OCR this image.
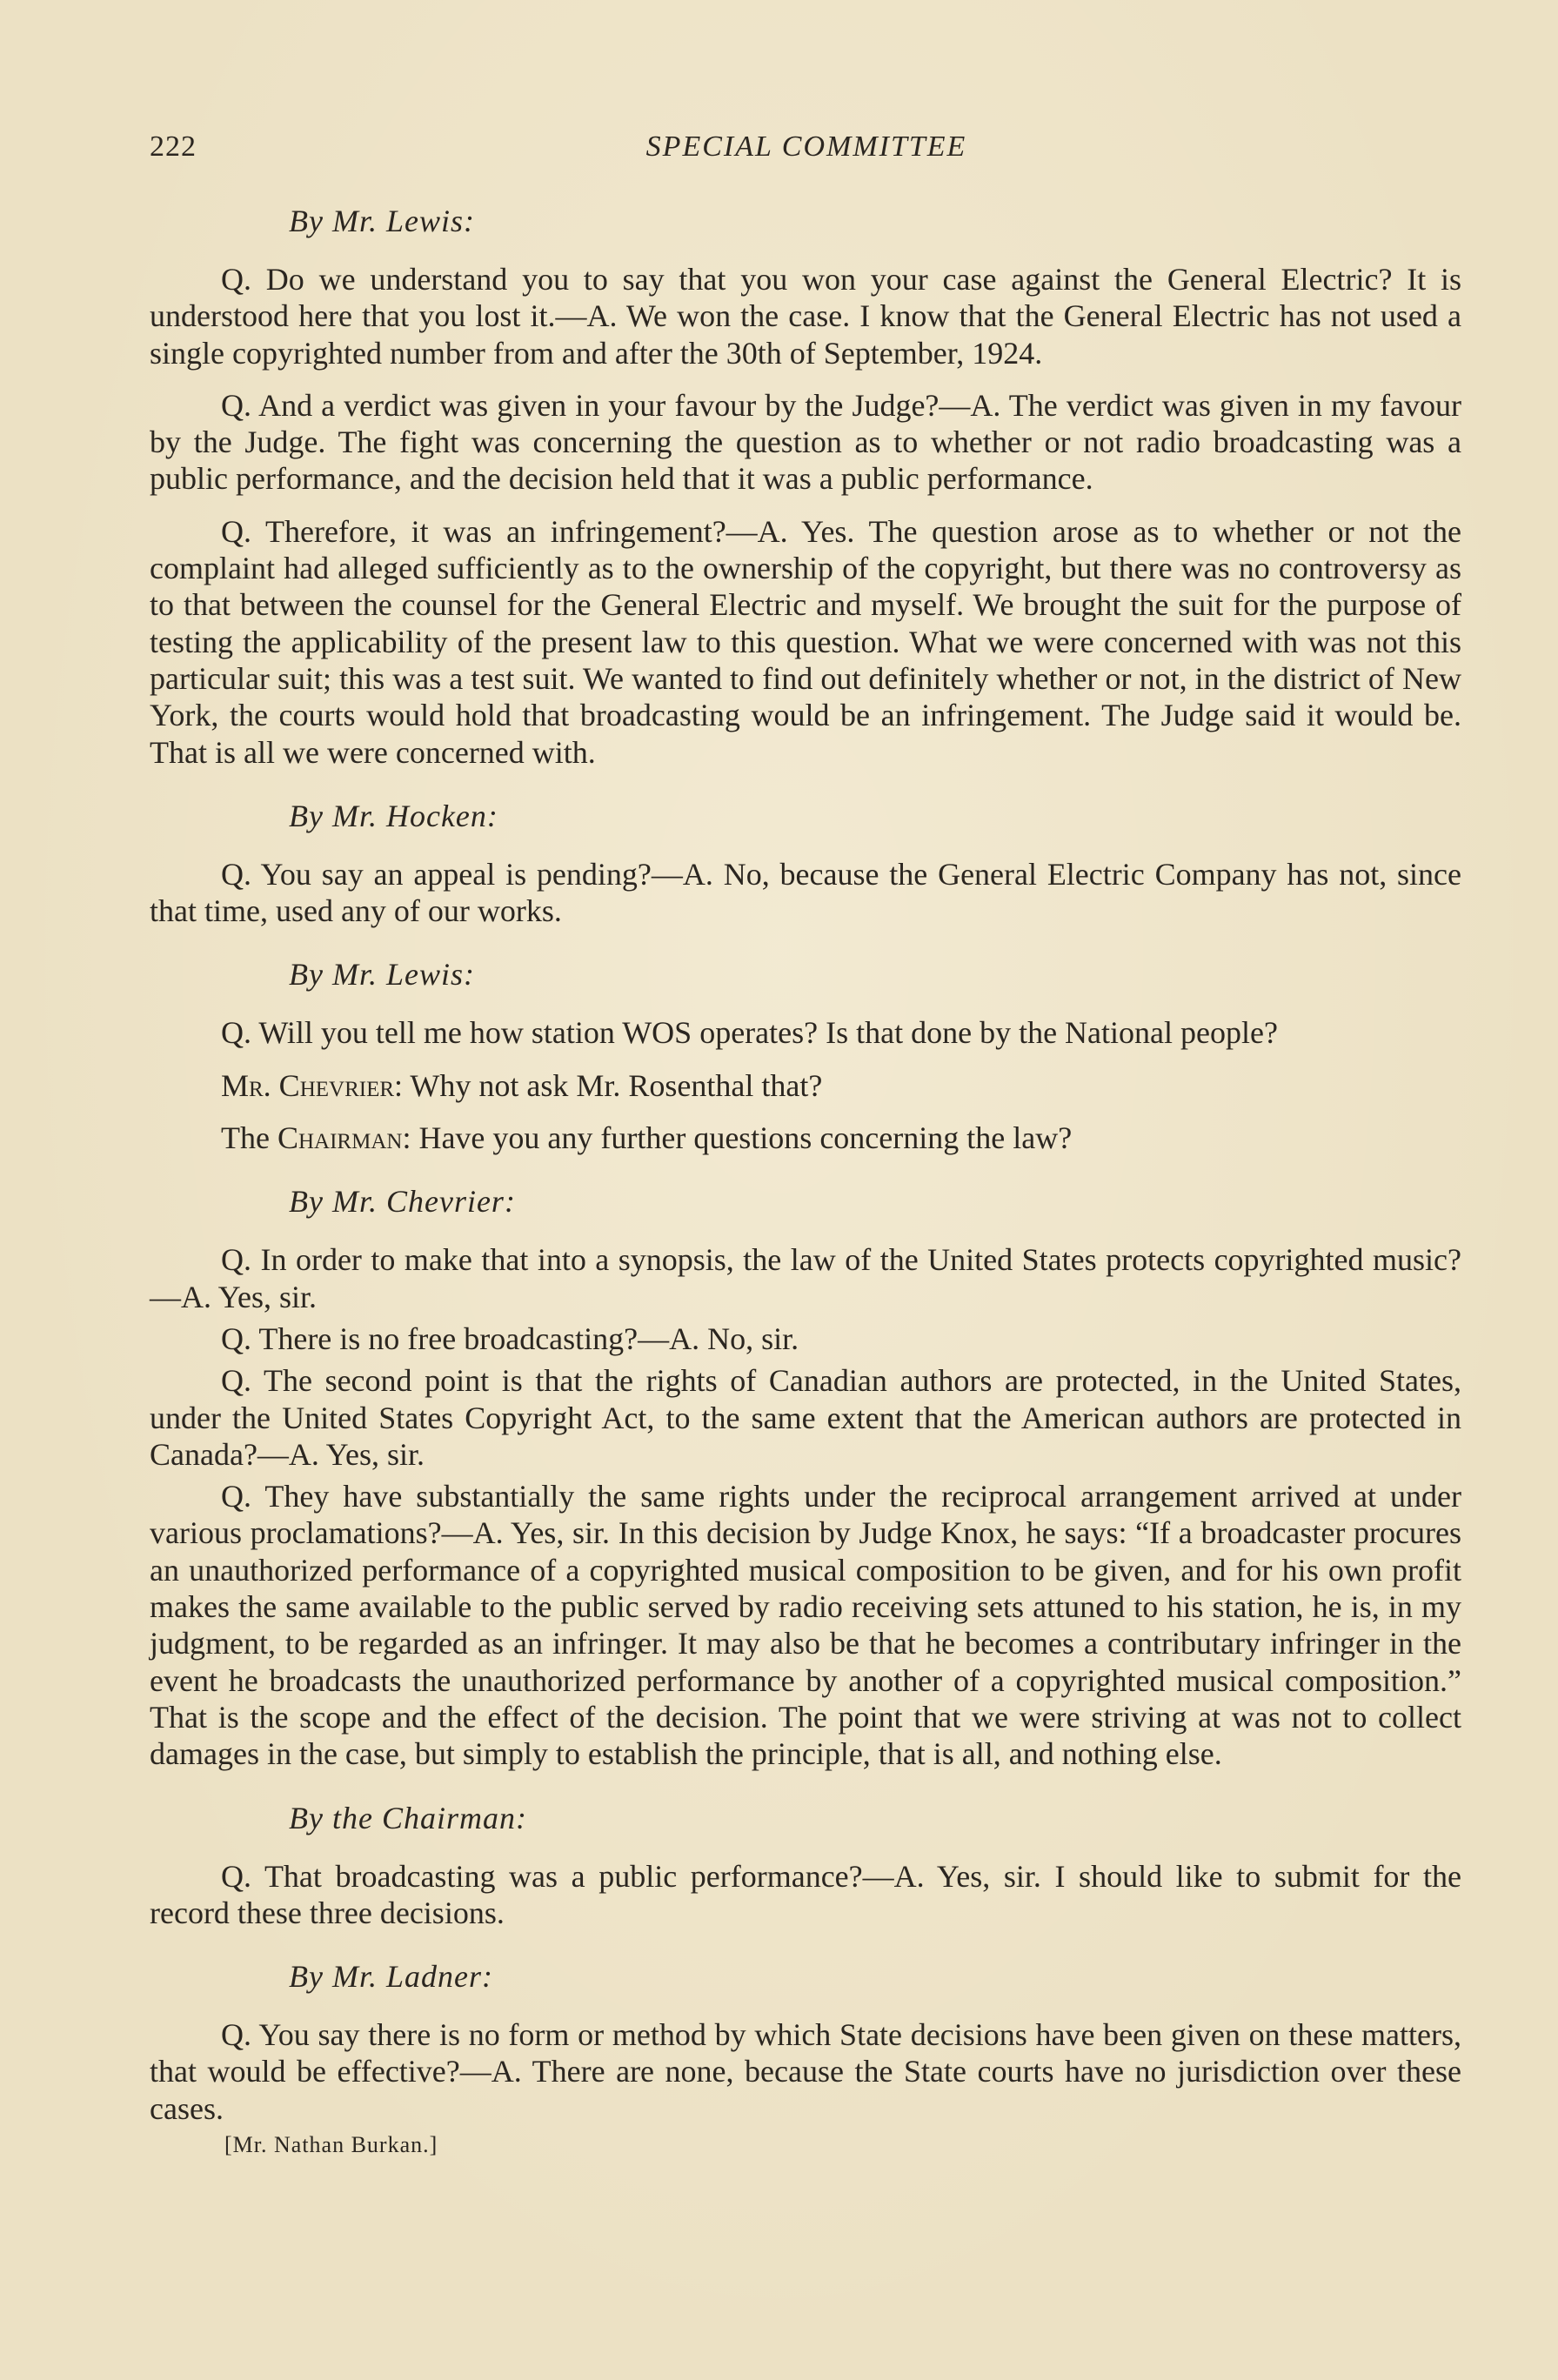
222	SPECIAL COMMITTEE
By Mr. Lewis:
Q. Do we understand you to say that you won your case against the General Electric? It is understood here that you lost it.—A. We won the case. I know that the General Electric has not used a single copyrighted number from and after the 30th of September, 1924.
Q. And a verdict was given in your favour by the Judge?—A. The verdict was given in my favour by the Judge. The fight was concerning the question as to whether or not radio broadcasting was a public performance, and the decision held that it was a public performance.
Q. Therefore, it was an infringement?—A. Yes. The question arose as to whether or not the complaint had alleged sufficiently as to the ownership of the copyright, but there was no controversy as to that between the counsel for the General Electric and myself. We brought the suit for the purpose of testing the applicability of the present law to this question. What we were concerned with was not this particular suit; this was a test suit. We wanted to find out definitely whether or not, in the district of New York, the courts would hold that broadcasting would be an infringement. The Judge said it would be. That is all we were concerned with.
By Mr. Hocken:
Q. You say an appeal is pending?—A. No, because the General Electric Company has not, since that time, used any of our works.
By Mr. Lewis:
Q. Will you tell me how station WOS operates? Is that done by the National people?
Mr. Chevrier: Why not ask Mr. Rosenthal that?
The Chairman: Have you any further questions concerning the law?
By Mr. Chevrier:
Q. In order to make that into a synopsis, the law of the United States protects copyrighted music?—A. Yes, sir.
Q. There is no free broadcasting?—A. No, sir.
Q. The second point is that the rights of Canadian authors are protected, in the United States, under the United States Copyright Act, to the same extent that the American authors are protected in Canada?—A. Yes, sir.
Q. They have substantially the same rights under the reciprocal arrangement arrived at under various proclamations?—A. Yes, sir. In this decision by Judge Knox, he says: “If a broadcaster procures an unauthorized performance of a copyrighted musical composition to be given, and for his own profit makes the same available to the public served by radio receiving sets attuned to his station, he is, in my judgment, to be regarded as an infringer. It may also be that he becomes a contributary infringer in the event he broadcasts the unauthorized performance by another of a copyrighted musical composition.” That is the scope and the effect of the decision. The point that we were striving at was not to collect damages in the case, but simply to establish the principle, that is all, and nothing else.
By the Chairman:
Q. That broadcasting was a public performance?—A. Yes, sir. I should like to submit for the record these three decisions.
By Mr. Ladner:
Q. You say there is no form or method by which State decisions have been given on these matters, that would be effective?—A. There are none, because the State courts have no jurisdiction over these cases.
[Mr. Nathan Burkan.]
